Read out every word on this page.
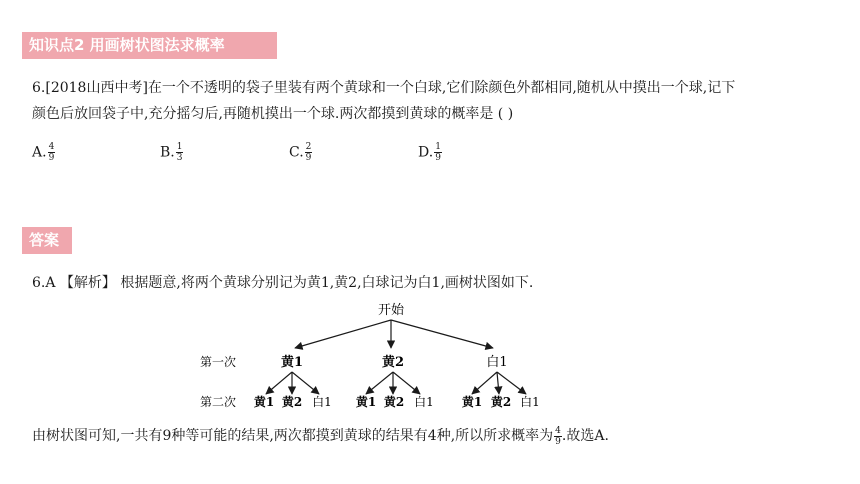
知识点2 用画树状图法求概率
6.[2018山西中考]在一个不透明的袋子里装有两个黄球和一个白球,它们除颜色外都相同,随机从中摸出一个球,记下
颜色后放回袋子中,充分摇匀后,再随机摸出一个球.两次都摸到黄球的概率是 ( )
A. $\frac{4}{9}$	B. $\frac{1}{3}$	C. $\frac{2}{9}$	D. $\frac{1}{9}$
答案
6.A 【解析】 根据题意,将两个黄球分别记为黄1,黄2,白球记为白1,画树状图如下.
开始
第一次	黄1	黄2	白1
第二次 黄1 黄2 白1 黄1 黄2 白1 黄1 黄2 白1
由树状图可知,一共有9种等可能的结果,两次都摸到黄球的结果有4种,所以所求概率为 $\frac{4}{9}$ .故选A.
